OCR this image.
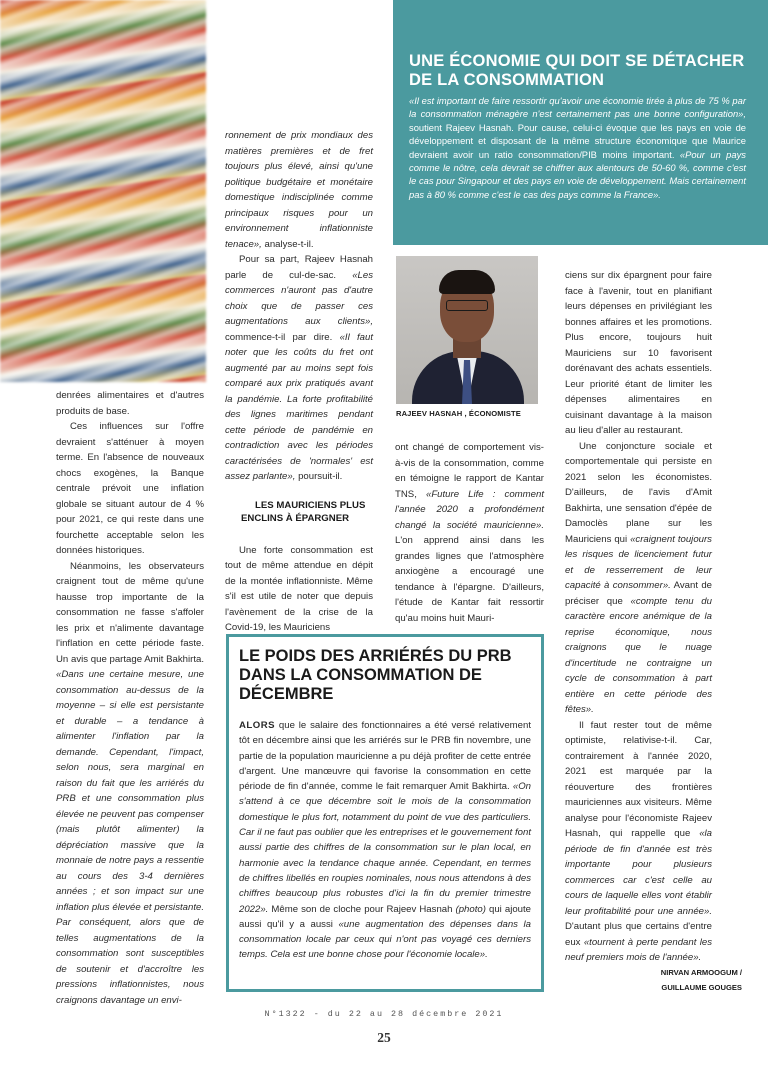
UNE ÉCONOMIE QUI DOIT SE DÉTACHER DE LA CONSOMMATION

«Il est important de faire ressortir qu'avoir une économie tirée à plus de 75 % par la consommation ménagère n'est certainement pas une bonne configuration», soutient Rajeev Hasnah. Pour cause, celui-ci évoque que les pays en voie de développement et disposant de la même structure économique que Maurice devraient avoir un ratio consommation/PIB moins important. «Pour un pays comme le nôtre, cela devrait se chiffrer aux alentours de 50-60 %, comme c'est le cas pour Singapour et des pays en voie de développement. Mais certainement pas à 80 % comme c'est le cas des pays comme la France».

denrées alimentaires et d'autres produits de base.

Ces influences sur l'offre devraient s'atténuer à moyen terme. En l'absence de nouveaux chocs exogènes, la Banque centrale prévoit une inflation globale se situant autour de 4 % pour 2021, ce qui reste dans une fourchette acceptable selon les données historiques.

Néanmoins, les observateurs craignent tout de même qu'une hausse trop importante de la consommation ne fasse s'affoler les prix et n'alimente davantage l'inflation en cette période faste. Un avis que partage Amit Bakhirta. «Dans une certaine mesure, une consommation au-dessus de la moyenne – si elle est persistante et durable – a tendance à alimenter l'inflation par la demande. Cependant, l'impact, selon nous, sera marginal en raison du fait que les arriérés du PRB et une consommation plus élevée ne peuvent pas compenser (mais plutôt alimenter) la dépréciation massive que la monnaie de notre pays a ressentie au cours des 3-4 dernières années ; et son impact sur une inflation plus élevée et persistante. Par conséquent, alors que de telles augmentations de la consommation sont susceptibles de soutenir et d'accroître les pressions inflationnistes, nous craignons davantage un envi-

ronnement de prix mondiaux des matières premières et de fret toujours plus élevé, ainsi qu'une politique budgétaire et monétaire domestique indisciplinée comme principaux risques pour un environnement inflationniste tenace», analyse-t-il.

Pour sa part, Rajeev Hasnah parle de cul-de-sac. «Les commerces n'auront pas d'autre choix que de passer ces augmentations aux clients», commence-t-il par dire. «Il faut noter que les coûts du fret ont augmenté par au moins sept fois comparé aux prix pratiqués avant la pandémie. La forte profitabilité des lignes maritimes pendant cette période de pandémie en contradiction avec les périodes caractérisées de 'normales' est assez parlante», poursuit-il.

LES MAURICIENS PLUS ENCLINS À ÉPARGNER

Une forte consommation est tout de même attendue en dépit de la montée inflationniste. Même s'il est utile de noter que depuis l'avènement de la crise de la Covid-19, les Mauriciens

RAJEEV HASNAH , ÉCONOMISTE

ont changé de comportement vis-à-vis de la consommation, comme en témoigne le rapport de Kantar TNS, «Future Life : comment l'année 2020 a profondément changé la société mauricienne». L'on apprend ainsi dans les grandes lignes que l'atmosphère anxiogène a encouragé une tendance à l'épargne. D'ailleurs, l'étude de Kantar fait ressortir qu'au moins huit Mauri-

ciens sur dix épargnent pour faire face à l'avenir, tout en planifiant leurs dépenses en privilégiant les bonnes affaires et les promotions. Plus encore, toujours huit Mauriciens sur 10 favorisent dorénavant des achats essentiels. Leur priorité étant de limiter les dépenses alimentaires en cuisinant davantage à la maison au lieu d'aller au restaurant.

Une conjoncture sociale et comportementale qui persiste en 2021 selon les économistes. D'ailleurs, de l'avis d'Amit Bakhirta, une sensation d'épée de Damoclès plane sur les Mauriciens qui «craignent toujours les risques de licenciement futur et de resserrement de leur capacité à consommer». Avant de préciser que «compte tenu du caractère encore anémique de la reprise économique, nous craignons que le nuage d'incertitude ne contraigne un cycle de consommation à part entière en cette période des fêtes».

Il faut rester tout de même optimiste, relativise-t-il. Car, contrairement à l'année 2020, 2021 est marquée par la réouverture des frontières mauriciennes aux visiteurs. Même analyse pour l'économiste Rajeev Hasnah, qui rappelle que «la période de fin d'année est très importante pour plusieurs commerces car c'est celle au cours de laquelle elles vont établir leur profitabilité pour une année». D'autant plus que certains d'entre eux «tournent à perte pendant les neuf premiers mois de l'année».

LE POIDS DES ARRIÉRÉS DU PRB DANS LA CONSOMMATION DE DÉCEMBRE

ALORS que le salaire des fonctionnaires a été versé relativement tôt en décembre ainsi que les arriérés sur le PRB fin novembre, une partie de la population mauricienne a pu déjà profiter de cette entrée d'argent. Une manœuvre qui favorise la consommation en cette période de fin d'année, comme le fait remarquer Amit Bakhirta. «On s'attend à ce que décembre soit le mois de la consommation domestique le plus fort, notamment du point de vue des particuliers. Car il ne faut pas oublier que les entreprises et le gouvernement font aussi partie des chiffres de la consommation sur le plan local, en harmonie avec la tendance chaque année. Cependant, en termes de chiffres libellés en roupies nominales, nous nous attendons à des chiffres beaucoup plus robustes d'ici la fin du premier trimestre 2022». Même son de cloche pour Rajeev Hasnah (photo) qui ajoute aussi qu'il y a aussi «une augmentation des dépenses dans la consommation locale par ceux qui n'ont pas voyagé ces derniers temps. Cela est une bonne chose pour l'économie locale».

NIRVAN ARMOOGUM /
GUILLAUME GOUGES
N°1322 - du 22 au 28 décembre 2021
25
